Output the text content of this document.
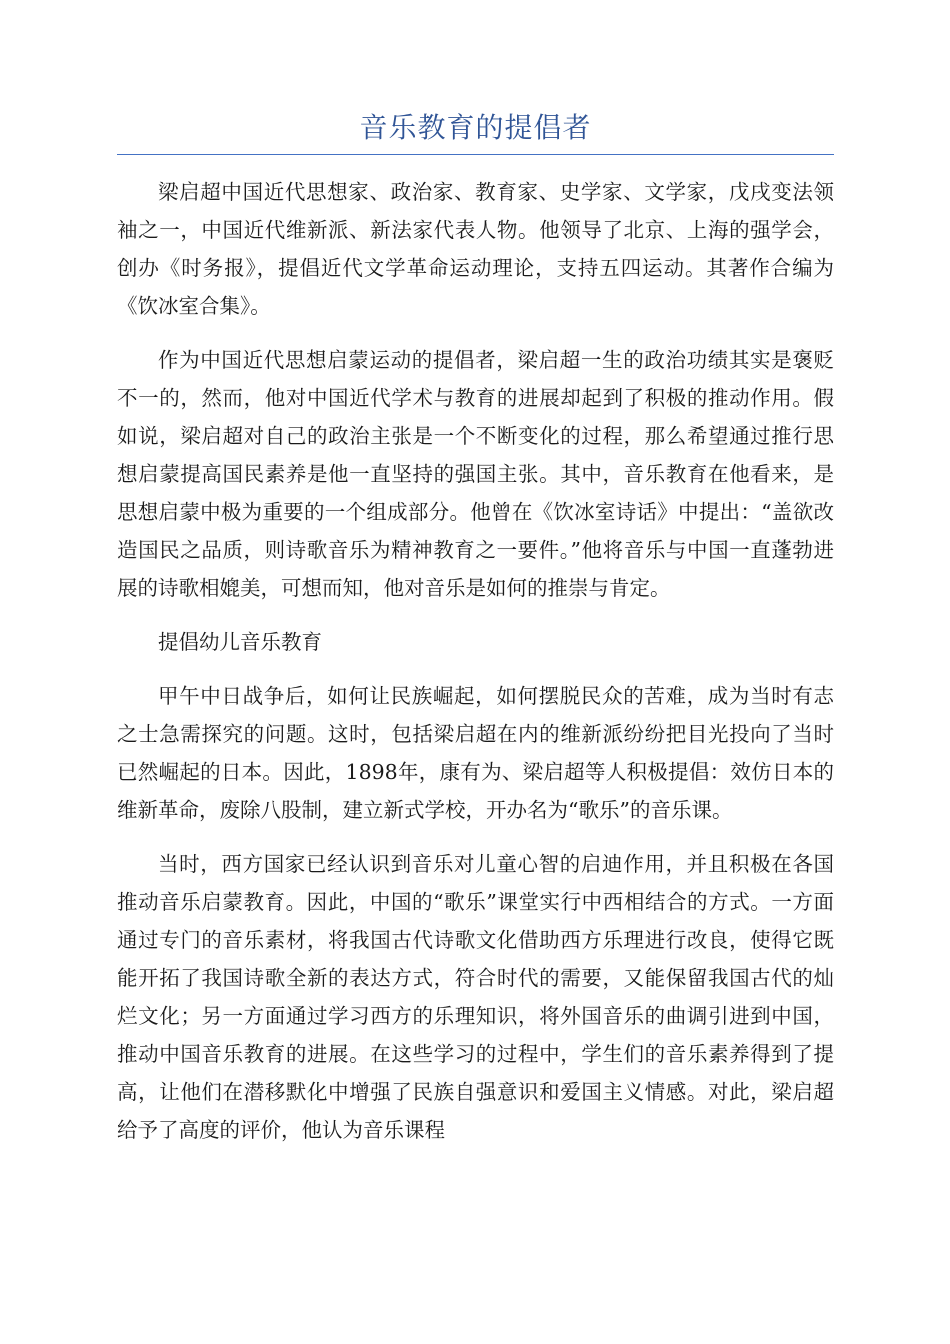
音乐教育的提倡者

梁启超中国近代思想家、政治家、教育家、史学家、文学家，戊戌变法领袖之一，中国近代维新派、新法家代表人物。他领导了北京、上海的强学会，创办《时务报》，提倡近代文学革命运动理论，支持五四运动。其著作合编为《饮冰室合集》。

作为中国近代思想启蒙运动的提倡者，梁启超一生的政治功绩其实是褒贬不一的，然而，他对中国近代学术与教育的进展却起到了积极的推动作用。假如说，梁启超对自己的政治主张是一个不断变化的过程，那么希望通过推行思想启蒙提高国民素养是他一直坚持的强国主张。其中，音乐教育在他看来，是思想启蒙中极为重要的一个组成部分。他曾在《饮冰室诗话》中提出：“盖欲改造国民之品质，则诗歌音乐为精神教育之一要件。”他将音乐与中国一直蓬勃进展的诗歌相媲美，可想而知，他对音乐是如何的推崇与肯定。

提倡幼儿音乐教育

甲午中日战争后，如何让民族崛起，如何摆脱民众的苦难，成为当时有志之士急需探究的问题。这时，包括梁启超在内的维新派纷纷把目光投向了当时已然崛起的日本。因此，1898年，康有为、梁启超等人积极提倡：效仿日本的维新革命，废除八股制，建立新式学校，开办名为“歌乐”的音乐课。

当时，西方国家已经认识到音乐对儿童心智的启迪作用，并且积极在各国推动音乐启蒙教育。因此，中国的“歌乐”课堂实行中西相结合的方式。一方面通过专门的音乐素材，将我国古代诗歌文化借助西方乐理进行改良，使得它既能开拓了我国诗歌全新的表达方式，符合时代的需要，又能保留我国古代的灿烂文化；另一方面通过学习西方的乐理知识，将外国音乐的曲调引进到中国，推动中国音乐教育的进展。在这些学习的过程中，学生们的音乐素养得到了提高，让他们在潜移默化中增强了民族自强意识和爱国主义情感。对此，梁启超给予了高度的评价，他认为音乐课程
